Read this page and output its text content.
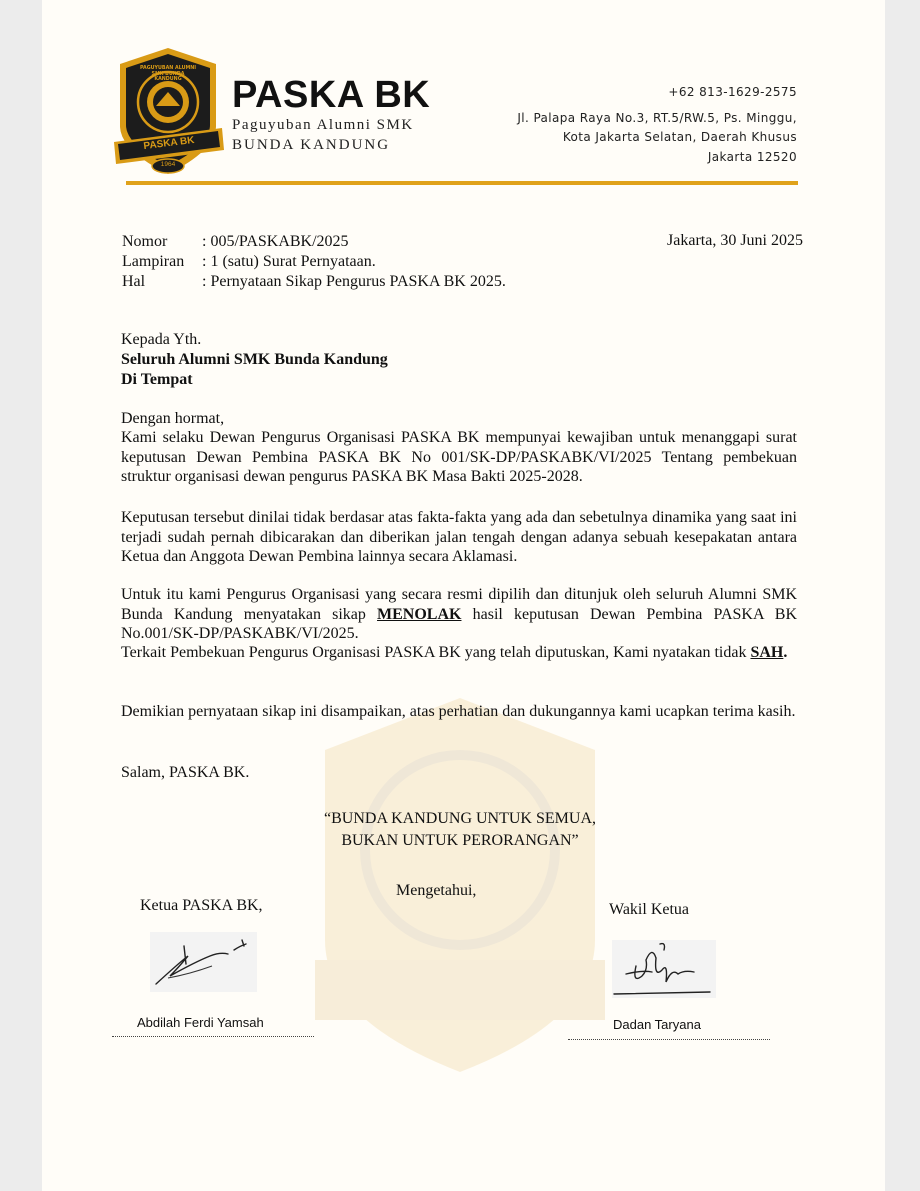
PAGUYUBAN ALUMNI SMK BUNDA KANDUNG
PASKA BK
1964
PASKA BK
Paguyuban Alumni SMK
BUNDA KANDUNG
+62 813-1629-2575
Jl. Palapa Raya No.3, RT.5/RW.5, Ps. Minggu,
Kota Jakarta Selatan, Daerah Khusus
Jakarta 12520
Nomor : 005/PASKABK/2025
Lampiran : 1 (satu) Surat Pernyataan.
Hal	: Pernyataan Sikap Pengurus PASKA BK 2025.
Jakarta, 30 Juni 2025
Kepada Yth.
Seluruh Alumni SMK Bunda Kandung
Di Tempat
Dengan hormat,
Kami selaku Dewan Pengurus Organisasi PASKA BK mempunyai kewajiban untuk menanggapi surat keputusan Dewan Pembina PASKA BK No 001/SK-DP/PASKABK/VI/2025 Tentang pembekuan struktur organisasi dewan pengurus PASKA BK Masa Bakti 2025-2028.
Keputusan tersebut dinilai tidak berdasar atas fakta-fakta yang ada dan sebetulnya dinamika yang saat ini terjadi sudah pernah dibicarakan dan diberikan jalan tengah dengan adanya sebuah kesepakatan antara Ketua dan Anggota Dewan Pembina lainnya secara Aklamasi.
Untuk itu kami Pengurus Organisasi yang secara resmi dipilih dan ditunjuk oleh seluruh Alumni SMK Bunda Kandung menyatakan sikap MENOLAK hasil keputusan Dewan Pembina PASKA BK No.001/SK-DP/PASKABK/VI/2025.
Terkait Pembekuan Pengurus Organisasi PASKA BK yang telah diputuskan, Kami nyatakan tidak SAH.
Demikian pernyataan sikap ini disampaikan, atas perhatian dan dukungannya kami ucapkan terima kasih.
Salam, PASKA BK.
“BUNDA KANDUNG UNTUK SEMUA,
BUKAN UNTUK PERORANGAN”
Ketua PASKA BK,
Mengetahui,
Wakil Ketua
Abdilah Ferdi Yamsah	Dadan Taryana
